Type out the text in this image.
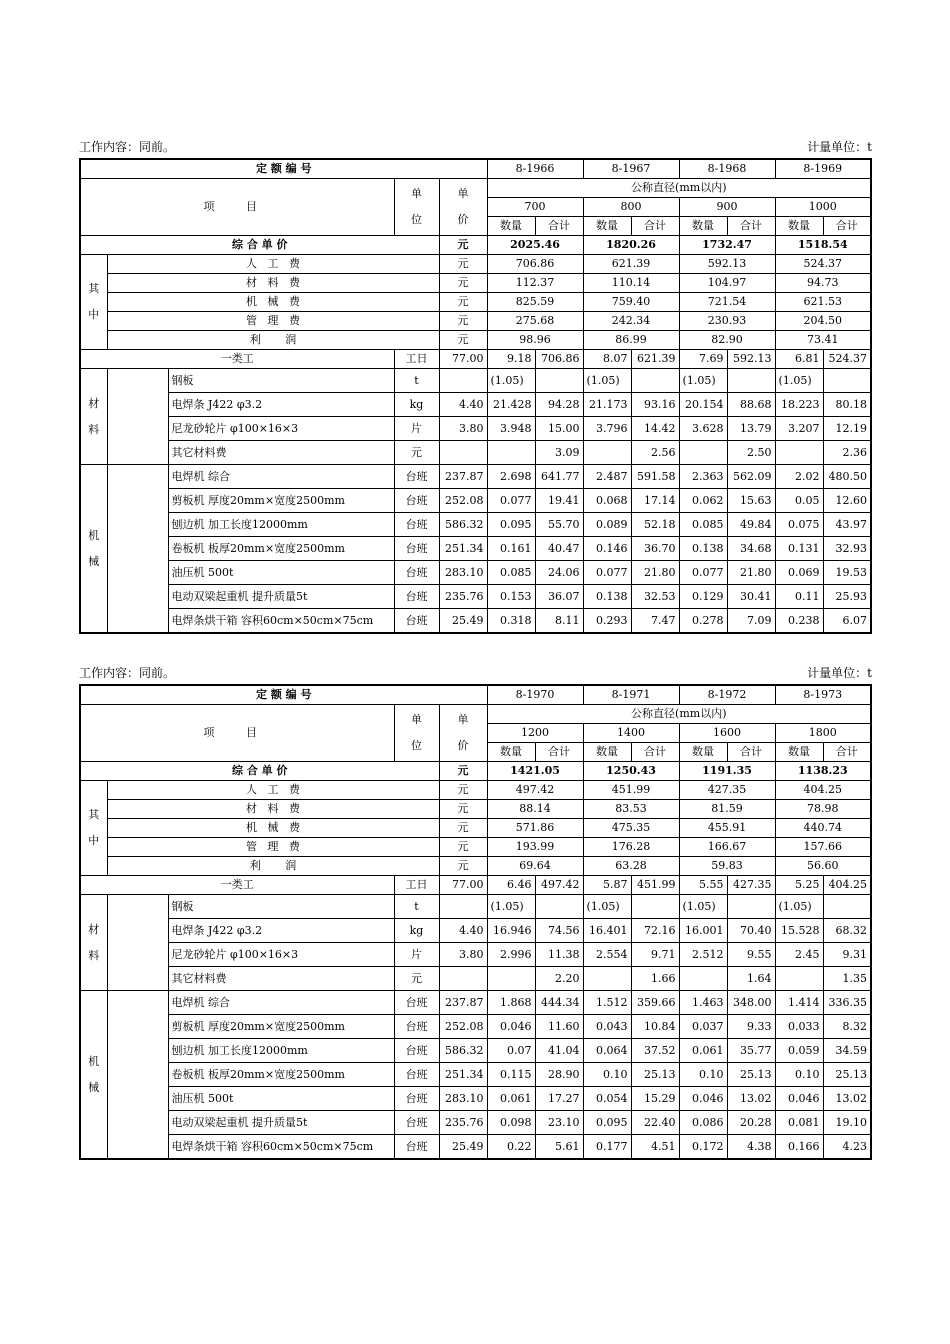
工作内容：同前。	计量单位：t
定 额 编 号					8-1966		8-1967		8-1968		8-1969	
项 目			单
位	单
价	公称直径(mm以内)							
					700		800		900		1000	
					数量	合计	数量	合计	数量	合计	数量	合计
综 合 单 价				元	2025.46		1820.26		1732.47		1518.54	
其
中	人   工   费			元	706.86		621.39		592.13		524.37	
	材   料   费			元	112.37		110.14		104.97		94.73	
	机   械   费			元	825.59		759.40		721.54		621.53	
	管   理   费			元	275.68		242.34		230.93		204.50	
	利       润			元	98.96		86.99		82.90		73.41	
一类工			工日	77.00	9.18	706.86	8.07	621.39	7.69	592.13	6.81	524.37
材
料		钢板	t		(1.05)		(1.05)		(1.05)		(1.05)	
		电焊条 J422 φ3.2	kg	4.40	21.428	94.28	21.173	93.16	20.154	88.68	18.223	80.18
		尼龙砂轮片 φ100×16×3	片	3.80	3.948	15.00	3.796	14.42	3.628	13.79	3.207	12.19
		其它材料费	元			3.09		2.56		2.50		2.36
机
械		电焊机 综合	台班	237.87	2.698	641.77	2.487	591.58	2.363	562.09	2.02	480.50
		剪板机 厚度20mm×宽度2500mm	台班	252.08	0.077	19.41	0.068	17.14	0.062	15.63	0.05	12.60
		刨边机 加工长度12000mm	台班	586.32	0.095	55.70	0.089	52.18	0.085	49.84	0.075	43.97
		卷板机 板厚20mm×宽度2500mm	台班	251.34	0.161	40.47	0.146	36.70	0.138	34.68	0.131	32.93
		油压机 500t	台班	283.10	0.085	24.06	0.077	21.80	0.077	21.80	0.069	19.53
		电动双梁起重机 提升质量5t	台班	235.76	0.153	36.07	0.138	32.53	0.129	30.41	0.11	25.93
		电焊条烘干箱 容积60cm×50cm×75cm	台班	25.49	0.318	8.11	0.293	7.47	0.278	7.09	0.238	6.07
工作内容：同前。	计量单位：t
定 额 编 号					8-1970		8-1971		8-1972		8-1973	
项 目			单
位	单
价	公称直径(mm以内)							
					1200		1400		1600		1800	
					数量	合计	数量	合计	数量	合计	数量	合计
综 合 单 价				元	1421.05		1250.43		1191.35		1138.23	
其
中	人   工   费			元	497.42		451.99		427.35		404.25	
	材   料   费			元	88.14		83.53		81.59		78.98	
	机   械   费			元	571.86		475.35		455.91		440.74	
	管   理   费			元	193.99		176.28		166.67		157.66	
	利       润			元	69.64		63.28		59.83		56.60	
一类工			工日	77.00	6.46	497.42	5.87	451.99	5.55	427.35	5.25	404.25
材
料		钢板	t		(1.05)		(1.05)		(1.05)		(1.05)	
		电焊条 J422 φ3.2	kg	4.40	16.946	74.56	16.401	72.16	16.001	70.40	15.528	68.32
		尼龙砂轮片 φ100×16×3	片	3.80	2.996	11.38	2.554	9.71	2.512	9.55	2.45	9.31
		其它材料费	元			2.20		1.66		1.64		1.35
机
械		电焊机 综合	台班	237.87	1.868	444.34	1.512	359.66	1.463	348.00	1.414	336.35
		剪板机 厚度20mm×宽度2500mm	台班	252.08	0.046	11.60	0.043	10.84	0.037	9.33	0.033	8.32
		刨边机 加工长度12000mm	台班	586.32	0.07	41.04	0.064	37.52	0.061	35.77	0.059	34.59
		卷板机 板厚20mm×宽度2500mm	台班	251.34	0.115	28.90	0.10	25.13	0.10	25.13	0.10	25.13
		油压机 500t	台班	283.10	0.061	17.27	0.054	15.29	0.046	13.02	0.046	13.02
		电动双梁起重机 提升质量5t	台班	235.76	0.098	23.10	0.095	22.40	0.086	20.28	0.081	19.10
		电焊条烘干箱 容积60cm×50cm×75cm	台班	25.49	0.22	5.61	0.177	4.51	0.172	4.38	0.166	4.23
